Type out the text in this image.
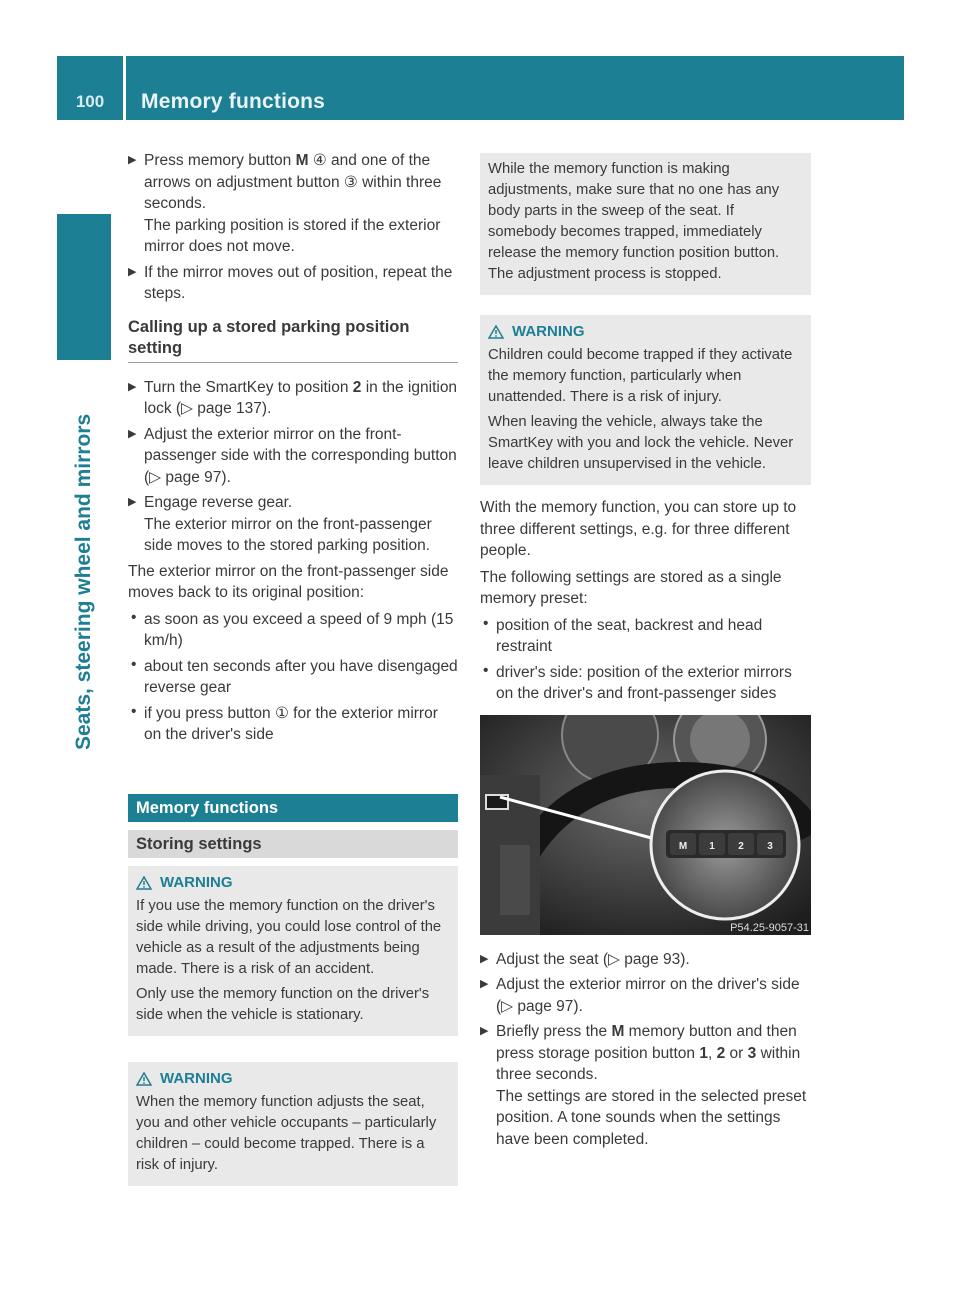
100	Memory functions
Seats, steering wheel and mirrors
▶ Press memory button M ④ and one of the arrows on adjustment button ③ within three seconds.

The parking position is stored if the exterior mirror does not move.

▶ If the mirror moves out of position, repeat the steps.

Calling up a stored parking position setting
▶ Turn the SmartKey to position 2 in the ignition lock (▷ page 137).

▶ Adjust the exterior mirror on the front-passenger side with the corresponding button (▷ page 97).

▶ Engage reverse gear.

The exterior mirror on the front-passenger side moves to the stored parking position.

The exterior mirror on the front-passenger side moves back to its original position:

• as soon as you exceed a speed of 9 mph (15 km/h)

• about ten seconds after you have disengaged reverse gear

• if you press button ① for the exterior mirror on the driver's side

Memory functions
Storing settings
WARNING

If you use the memory function on the driver's side while driving, you could lose control of the vehicle as a result of the adjustments being made. There is a risk of an accident.

Only use the memory function on the driver's side when the vehicle is stationary.

WARNING

When the memory function adjusts the seat, you and other vehicle occupants – particularly children – could become trapped. There is a risk of injury.

While the memory function is making adjustments, make sure that no one has any body parts in the sweep of the seat. If somebody becomes trapped, immediately release the memory function position button. The adjustment process is stopped.

WARNING

Children could become trapped if they activate the memory function, particularly when unattended. There is a risk of injury.

When leaving the vehicle, always take the SmartKey with you and lock the vehicle. Never leave children unsupervised in the vehicle.

With the memory function, you can store up to three different settings, e.g. for three different people.

The following settings are stored as a single memory preset:

• position of the seat, backrest and head restraint

• driver's side: position of the exterior mirrors on the driver's and front-passenger sides

M 1 2 3
P54.25-9057-31
▶ Adjust the seat (▷ page 93).

▶ Adjust the exterior mirror on the driver's side (▷ page 97).

▶ Briefly press the M memory button and then press storage position button 1, 2 or 3 within three seconds.

The settings are stored in the selected preset position. A tone sounds when the settings have been completed.
